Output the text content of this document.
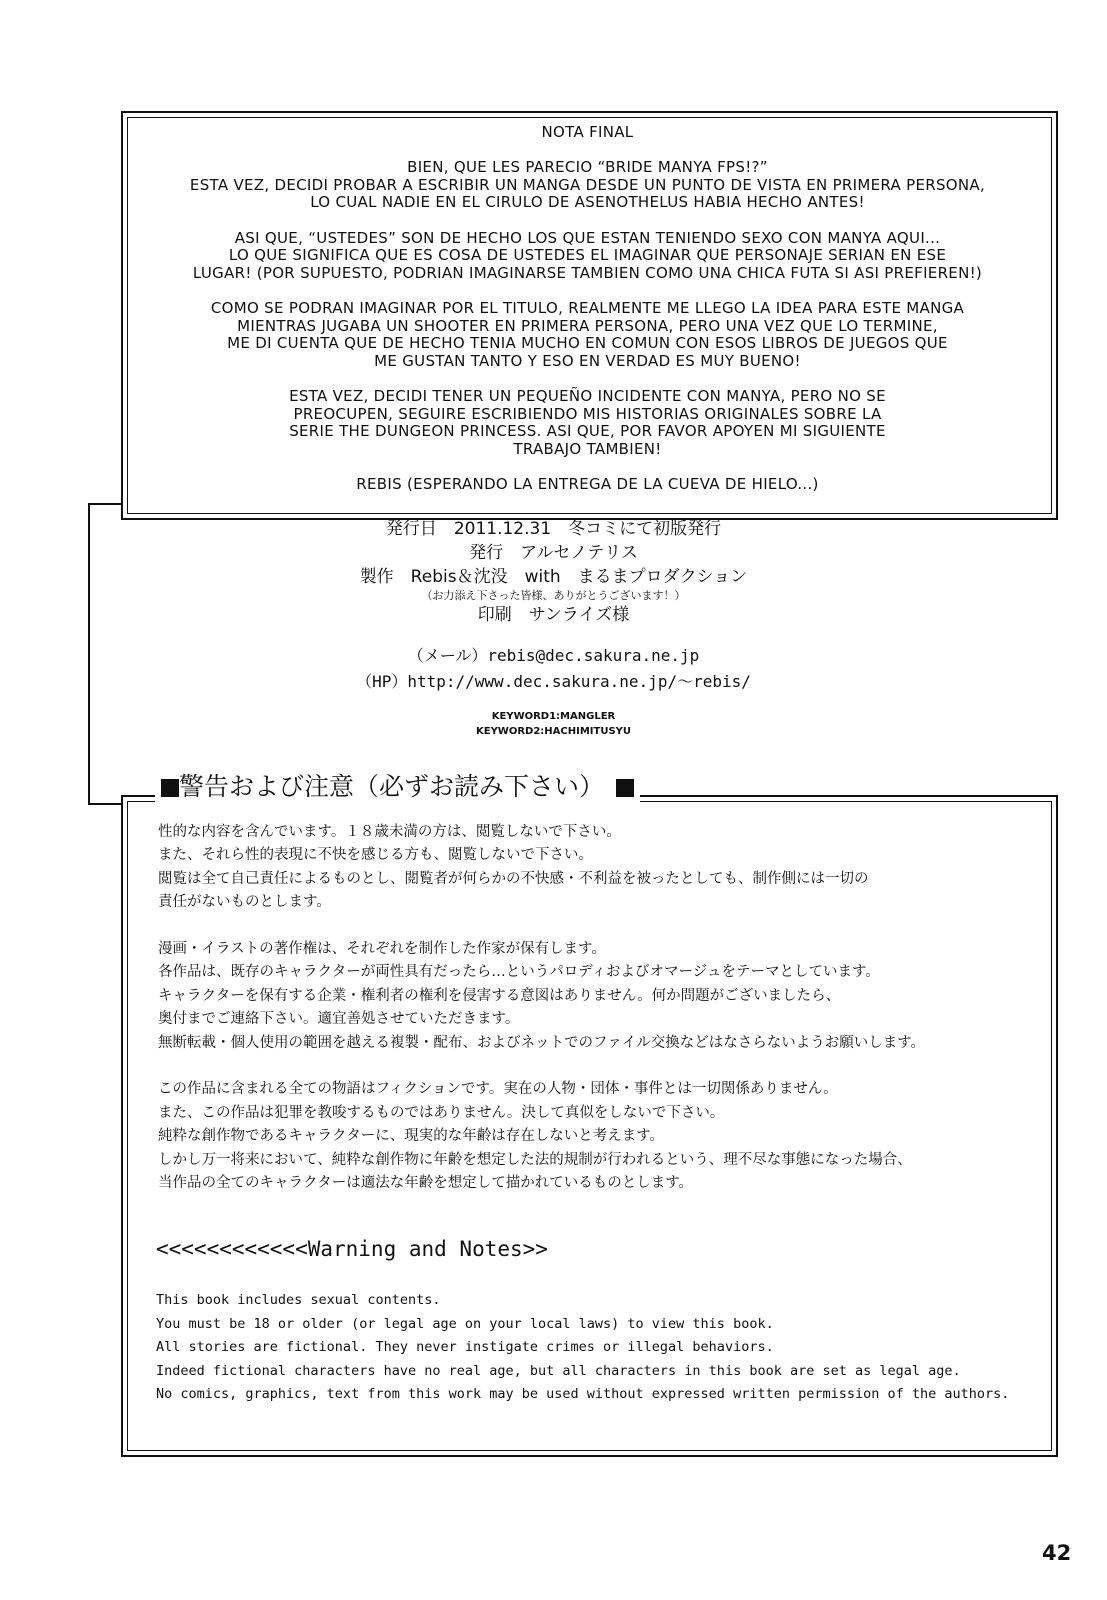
NOTA FINAL

BIEN, QUE LES PARECIO “BRIDE MANYA FPS!?”
ESTA VEZ, DECIDI PROBAR A ESCRIBIR UN MANGA DESDE UN PUNTO DE VISTA EN PRIMERA PERSONA,
LO CUAL NADIE EN EL CIRULO DE ASENOTHELUS HABIA HECHO ANTES!

ASI QUE, “USTEDES” SON DE HECHO LOS QUE ESTAN TENIENDO SEXO CON MANYA AQUI...
LO QUE SIGNIFICA QUE ES COSA DE USTEDES EL IMAGINAR QUE PERSONAJE SERIAN EN ESE
LUGAR! (POR SUPUESTO, PODRIAN IMAGINARSE TAMBIEN COMO UNA CHICA FUTA SI ASI PREFIEREN!)

COMO SE PODRAN IMAGINAR POR EL TITULO, REALMENTE ME LLEGO LA IDEA PARA ESTE MANGA
MIENTRAS JUGABA UN SHOOTER EN PRIMERA PERSONA, PERO UNA VEZ QUE LO TERMINE,
ME DI CUENTA QUE DE HECHO TENIA MUCHO EN COMUN CON ESOS LIBROS DE JUEGOS QUE
ME GUSTAN TANTO Y ESO EN VERDAD ES MUY BUENO!

ESTA VEZ, DECIDI TENER UN PEQUEÑO INCIDENTE CON MANYA, PERO NO SE
PREOCUPEN, SEGUIRE ESCRIBIENDO MIS HISTORIAS ORIGINALES SOBRE LA
SERIE THE DUNGEON PRINCESS. ASI QUE, POR FAVOR APOYEN MI SIGUIENTE
TRABAJO TAMBIEN!

REBIS (ESPERANDO LA ENTREGA DE LA CUEVA DE HIELO...)

発行日　2011.12.31　冬コミにて初版発行
発行　アルセノテリス
製作　Rebis＆沈没　with　まるまプロダクション
（お力添え下さった皆様、ありがとうございます！）
印刷　サンライズ様
（メール）rebis@dec.sakura.ne.jp
（HP）http://www.dec.sakura.ne.jp/～rebis/
KEYWORD1:MANGLER
KEYWORD2:HACHIMITUSYU
警告および注意（必ずお読み下さい）

性的な内容を含んでいます。１８歳未満の方は、閲覧しないで下さい。
また、それら性的表現に不快を感じる方も、閲覧しないで下さい。
閲覧は全て自己責任によるものとし、閲覧者が何らかの不快感・不利益を被ったとしても、制作側には一切の
責任がないものとします。

漫画・イラストの著作権は、それぞれを制作した作家が保有します。
各作品は、既存のキャラクターが両性具有だったら…というパロディおよびオマージュをテーマとしています。
キャラクターを保有する企業・権利者の権利を侵害する意図はありません。何か問題がございましたら、
奥付までご連絡下さい。適宜善処させていただきます。
無断転載・個人使用の範囲を越える複製・配布、およびネットでのファイル交換などはなさらないようお願いします。

この作品に含まれる全ての物語はフィクションです。実在の人物・団体・事件とは一切関係ありません。
また、この作品は犯罪を教唆するものではありません。決して真似をしないで下さい。
純粋な創作物であるキャラクターに、現実的な年齢は存在しないと考えます。
しかし万一将来において、純粋な創作物に年齢を想定した法的規制が行われるという、理不尽な事態になった場合、
当作品の全てのキャラクターは適法な年齢を想定して描かれているものとします。

<<<<<<<<<<<<Warning and Notes>>
This book includes sexual contents.
You must be 18 or older (or legal age on your local laws) to view this book.
All stories are fictional. They never instigate crimes or illegal behaviors.
Indeed fictional characters have no real age, but all characters in this book are set as legal age.
No comics, graphics, text from this work may be used without expressed written permission of the authors.
42
